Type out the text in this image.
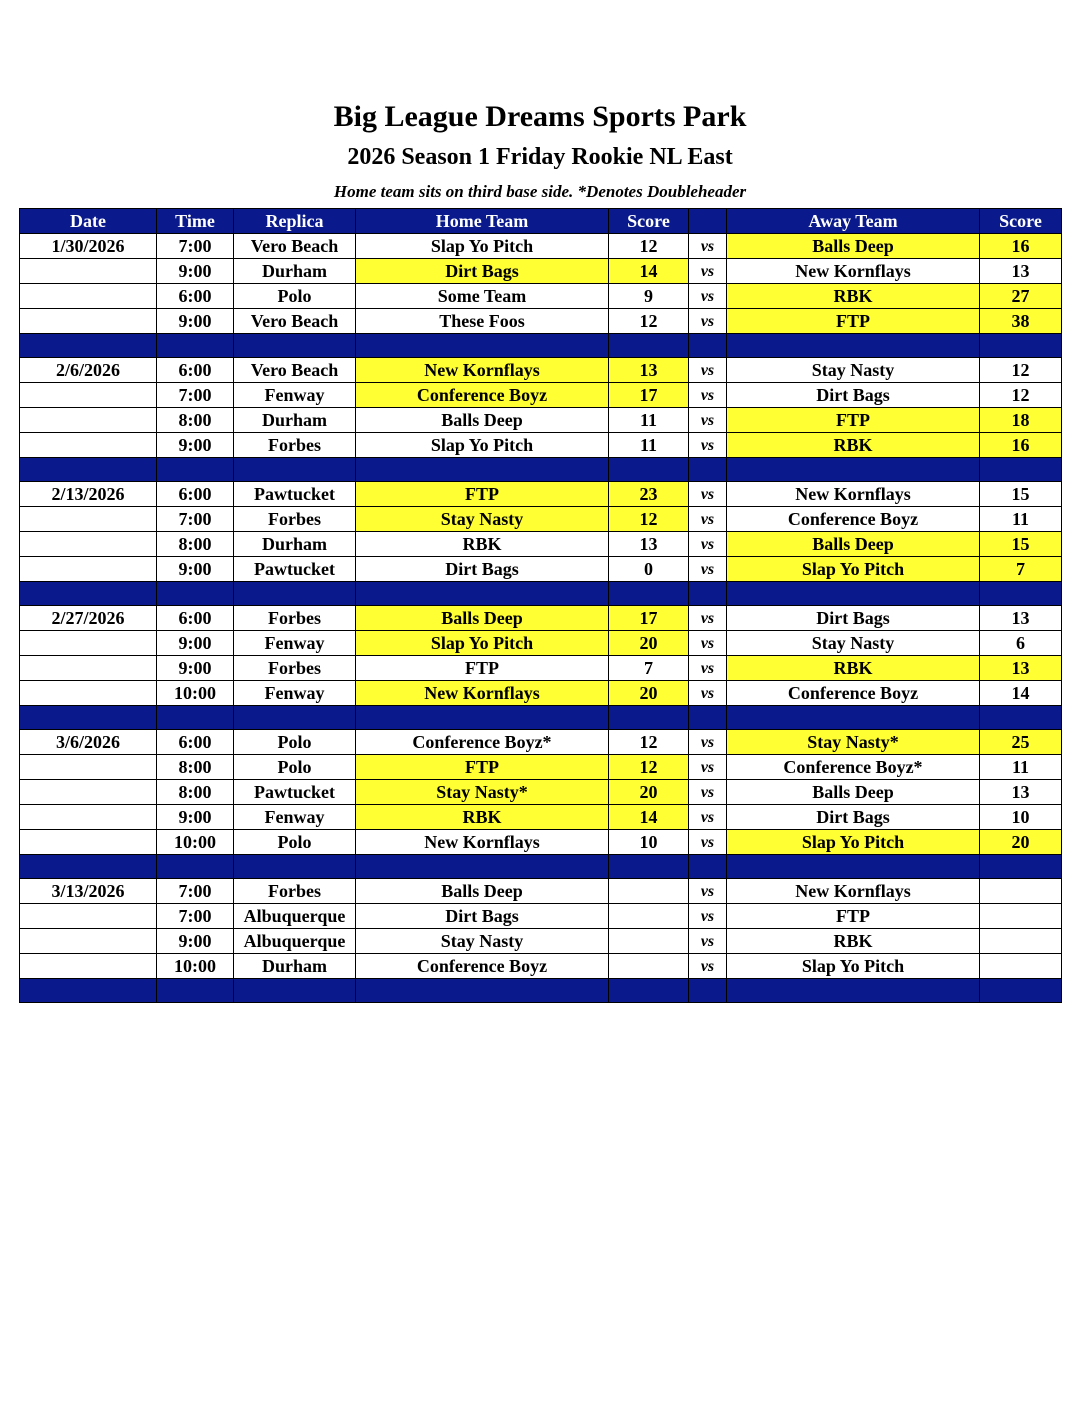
Big League Dreams Sports Park
2026 Season 1 Friday Rookie NL East
Home team sits on third base side. *Denotes Doubleheader
Date	Time	Replica	Home Team	Score		Away Team	Score
1/30/2026	7:00	Vero Beach	Slap Yo Pitch	12	vs	Balls Deep	16
	9:00	Durham	Dirt Bags	14	vs	New Kornflays	13
	6:00	Polo	Some Team	9	vs	RBK	27
	9:00	Vero Beach	These Foos	12	vs	FTP	38

2/6/2026	6:00	Vero Beach	New Kornflays	13	vs	Stay Nasty	12
	7:00	Fenway	Conference Boyz	17	vs	Dirt Bags	12
	8:00	Durham	Balls Deep	11	vs	FTP	18
	9:00	Forbes	Slap Yo Pitch	11	vs	RBK	16

2/13/2026	6:00	Pawtucket	FTP	23	vs	New Kornflays	15
	7:00	Forbes	Stay Nasty	12	vs	Conference Boyz	11
	8:00	Durham	RBK	13	vs	Balls Deep	15
	9:00	Pawtucket	Dirt Bags	0	vs	Slap Yo Pitch	7

2/27/2026	6:00	Forbes	Balls Deep	17	vs	Dirt Bags	13
	9:00	Fenway	Slap Yo Pitch	20	vs	Stay Nasty	6
	9:00	Forbes	FTP	7	vs	RBK	13
	10:00	Fenway	New Kornflays	20	vs	Conference Boyz	14

3/6/2026	6:00	Polo	Conference Boyz*	12	vs	Stay Nasty*	25
	8:00	Polo	FTP	12	vs	Conference Boyz*	11
	8:00	Pawtucket	Stay Nasty*	20	vs	Balls Deep	13
	9:00	Fenway	RBK	14	vs	Dirt Bags	10
	10:00	Polo	New Kornflays	10	vs	Slap Yo Pitch	20

3/13/2026	7:00	Forbes	Balls Deep		vs	New Kornflays	
	7:00	Albuquerque	Dirt Bags		vs	FTP	
	9:00	Albuquerque	Stay Nasty		vs	RBK	
	10:00	Durham	Conference Boyz		vs	Slap Yo Pitch	
